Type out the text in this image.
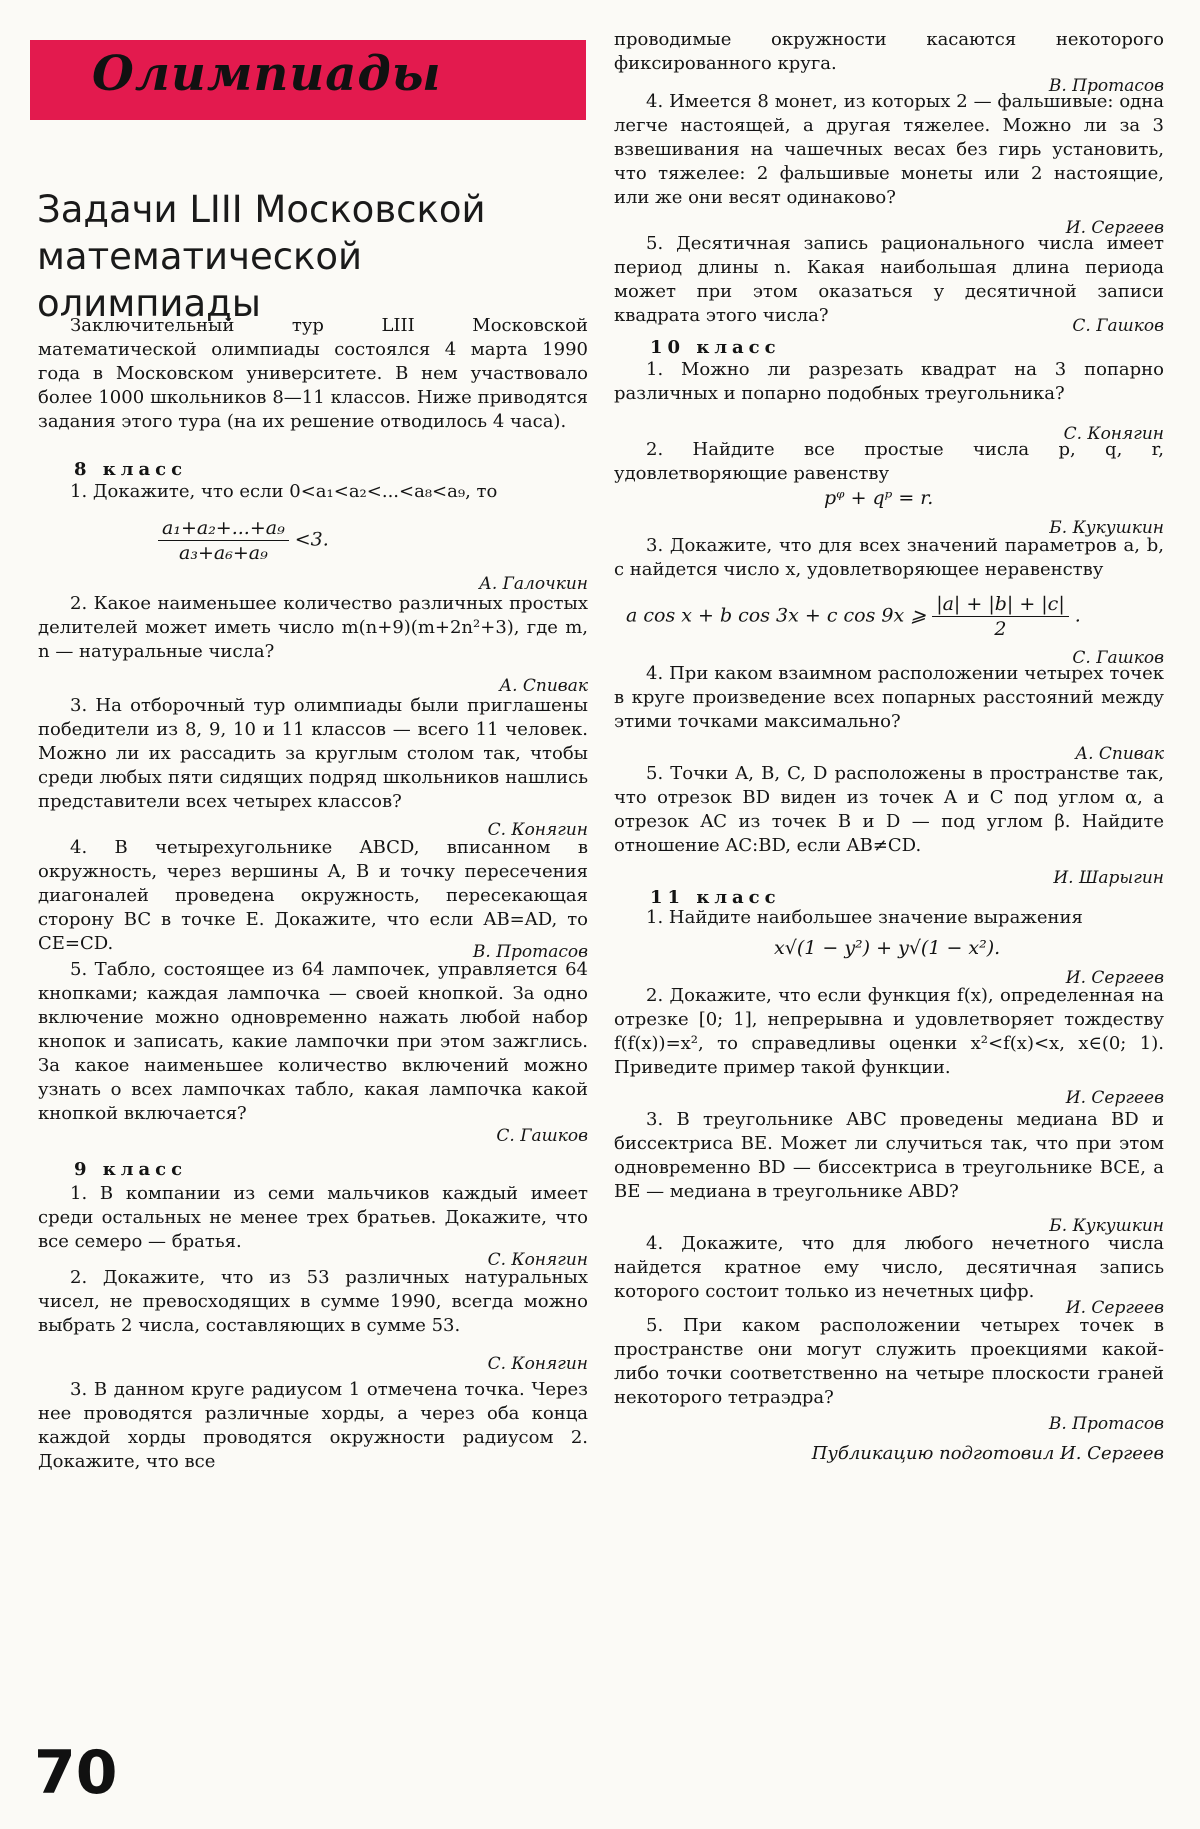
Олимпиады
Задачи LIII Московской математической олимпиады

Заключительный тур LIII Московской математической олимпиады состоялся 4 марта 1990 года в Московском университете. В нем участвовало более 1000 школьников 8—11 классов. Ниже приводятся задания этого тура (на их решение отводилось 4 часа).

8 класс

1. Докажите, что если 0<a₁<a₂<...<a₈<a₉, то

$\frac{\text{a₁+a₂+...+a₉}}{\text{a₃+a₆+a₉}} <3$.

А. Галочкин

2. Какое наименьшее количество различных простых делителей может иметь число m(n+9)(m+2n²+3), где m, n — натуральные числа?

А. Спивак

3. На отборочный тур олимпиады были приглашены победители из 8, 9, 10 и 11 классов — всего 11 человек. Можно ли их рассадить за круглым столом так, чтобы среди любых пяти сидящих подряд школьников нашлись представители всех четырех классов?

С. Конягин

4. В четырехугольнике ABCD, вписанном в окружность, через вершины A, B и точку пересечения диагоналей проведена окружность, пересекающая сторону BC в точке E. Докажите, что если AB=AD, то CE=CD.	В. Протасов

5. Табло, состоящее из 64 лампочек, управляется 64 кнопками; каждая лампочка — своей кнопкой. За одно включение можно одновременно нажать любой набор кнопок и записать, какие лампочки при этом зажглись. За какое наименьшее количество включений можно узнать о всех лампочках табло, какая лампочка какой кнопкой включается?

С. Гашков

9 класс

1. В компании из семи мальчиков каждый имеет среди остальных не менее трех братьев. Докажите, что все семеро — братья.

С. Конягин

2. Докажите, что из 53 различных натуральных чисел, не превосходящих в сумме 1990, всегда можно выбрать 2 числа, составляющих в сумме 53.

С. Конягин

3. В данном круге радиусом 1 отмечена точка. Через нее проводятся различные хорды, а через оба конца каждой хорды проводятся окружности радиусом 2. Докажите, что все

проводимые окружности касаются некоторого фиксированного круга.

В. Протасов

4. Имеется 8 монет, из которых 2 — фальшивые: одна легче настоящей, а другая тяжелее. Можно ли за 3 взвешивания на чашечных весах без гирь установить, что тяжелее: 2 фальшивые монеты или 2 настоящие, или же они весят одинаково?

И. Сергеев

5. Десятичная запись рационального числа имеет период длины n. Какая наибольшая длина периода может при этом оказаться у десятичной записи квадрата этого числа?	С. Гашков

10 класс

1. Можно ли разрезать квадрат на 3 попарно различных и попарно подобных треугольника?

С. Конягин

2. Найдите все простые числа p, q, r, удовлетворяющие равенству

pᵠ + qᵖ = r.

Б. Кукушкин

3. Докажите, что для всех значений параметров a, b, c найдется число x, удовлетворяющее неравенству

a cos x + b cos 3x + c cos 9x ⩾ $\frac{|a| + |b| + |c|}{2}$ .

С. Гашков

4. При каком взаимном расположении четырех точек в круге произведение всех попарных расстояний между этими точками максимально?

А. Спивак

5. Точки A, B, C, D расположены в пространстве так, что отрезок BD виден из точек A и C под углом α, а отрезок AC из точек B и D — под углом β. Найдите отношение AC:BD, если AB≠CD.

И. Шарыгин

11 класс

1. Найдите наибольшее значение выражения

x√(1 − y²) + y√(1 − x²).

И. Сергеев

2. Докажите, что если функция f(x), определенная на отрезке [0; 1], непрерывна и удовлетворяет тождеству f(f(x))=x², то справедливы оценки x²<f(x)<x, x∈(0; 1). Приведите пример такой функции.

И. Сергеев

3. В треугольнике ABC проведены медиана BD и биссектриса BE. Может ли случиться так, что при этом одновременно BD — биссектриса в треугольнике BCE, а BE — медиана в треугольнике ABD?

Б. Кукушкин

4. Докажите, что для любого нечетного числа найдется кратное ему число, десятичная запись которого состоит только из нечетных цифр.

И. Сергеев

5. При каком расположении четырех точек в пространстве они могут служить проекциями какой-либо точки соответственно на четыре плоскости граней некоторого тетраэдра?

В. Протасов

Публикацию подготовил И. Сергеев

70
